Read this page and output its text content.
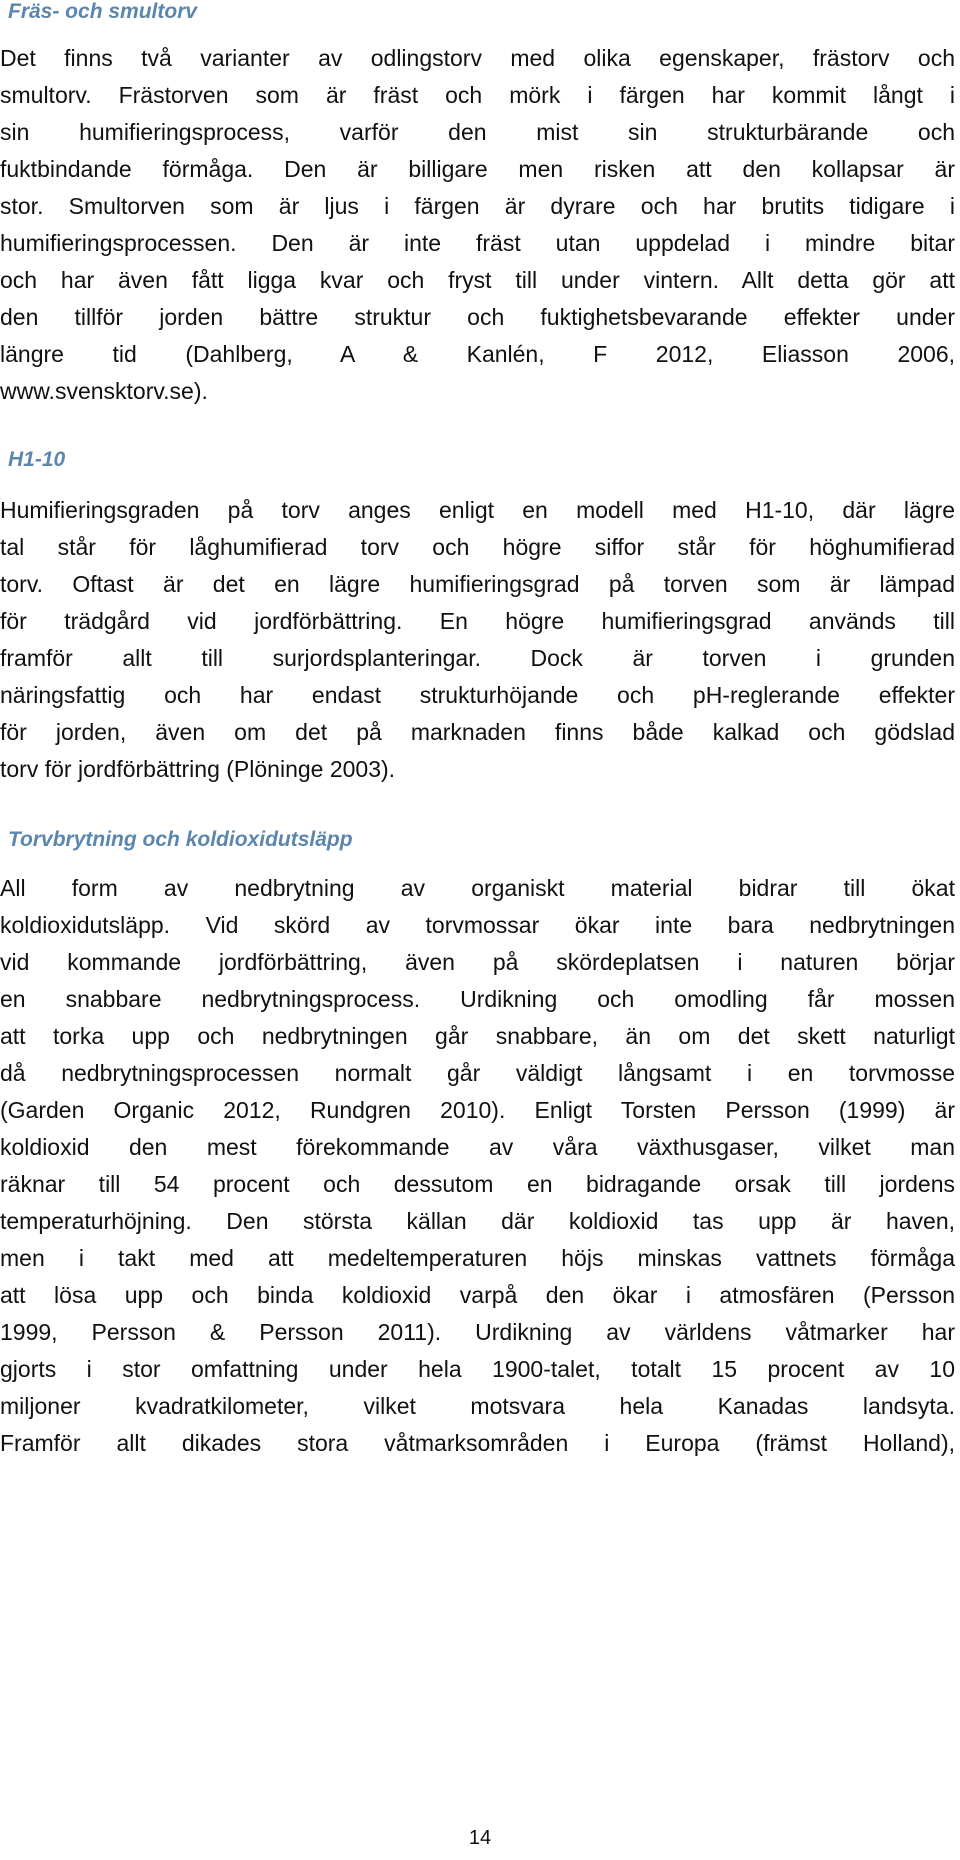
Fräs- och smultorv
Det finns två varianter av odlingstorv med olika egenskaper, frästorv och
smultorv. Frästorven som är fräst och mörk i färgen har kommit långt i
sin humifieringsprocess, varför den mist sin strukturbärande och
fuktbindande förmåga. Den är billigare men risken att den kollapsar är
stor. Smultorven som är ljus i färgen är dyrare och har brutits tidigare i
humifieringsprocessen. Den är inte fräst utan uppdelad i mindre bitar
och har även fått ligga kvar och fryst till under vintern. Allt detta gör att
den tillför jorden bättre struktur och fuktighetsbevarande effekter under
längre tid (Dahlberg, A & Kanlén, F 2012, Eliasson 2006,
www.svensktorv.se).
H1-10
Humifieringsgraden på torv anges enligt en modell med H1-10, där lägre
tal står för låghumifierad torv och högre siffor står för höghumifierad
torv. Oftast är det en lägre humifieringsgrad på torven som är lämpad
för trädgård vid jordförbättring. En högre humifieringsgrad används till
framför allt till surjordsplanteringar. Dock är torven i grunden
näringsfattig och har endast strukturhöjande och pH-reglerande effekter
för jorden, även om det på marknaden finns både kalkad och gödslad
torv för jordförbättring (Plöninge 2003).
Torvbrytning och koldioxidutsläpp
All form av nedbrytning av organiskt material bidrar till ökat
koldioxidutsläpp. Vid skörd av torvmossar ökar inte bara nedbrytningen
vid kommande jordförbättring, även på skördeplatsen i naturen börjar
en snabbare nedbrytningsprocess. Urdikning och omodling får mossen
att torka upp och nedbrytningen går snabbare, än om det skett naturligt
då nedbrytningsprocessen normalt går väldigt långsamt i en torvmosse
(Garden Organic 2012, Rundgren 2010). Enligt Torsten Persson (1999) är
koldioxid den mest förekommande av våra växthusgaser, vilket man
räknar till 54 procent och dessutom en bidragande orsak till jordens
temperaturhöjning. Den största källan där koldioxid tas upp är haven,
men i takt med att medeltemperaturen höjs minskas vattnets förmåga
att lösa upp och binda koldioxid varpå den ökar i atmosfären (Persson
1999, Persson & Persson 2011). Urdikning av världens våtmarker har
gjorts i stor omfattning under hela 1900-talet, totalt 15 procent av 10
miljoner kvadratkilometer, vilket motsvara hela Kanadas landsyta.
Framför allt dikades stora våtmarksområden i Europa (främst Holland),
14
